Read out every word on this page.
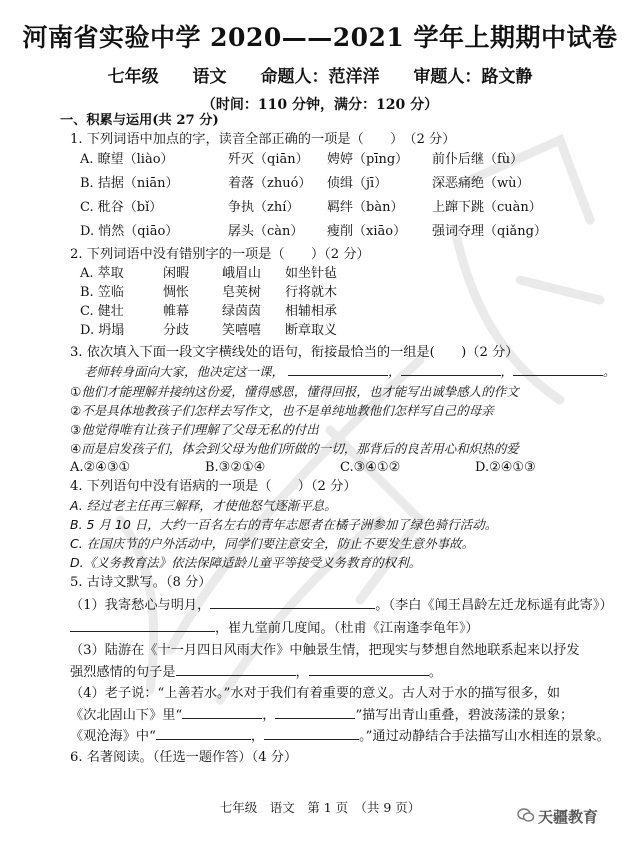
河南省实验中学 2020——2021 学年上期期中试卷
七年级 语文 命题人：范洋洋 审题人：路文静
（时间：110 分钟，满分：120 分）
一、积累与运用(共 27 分)
1. 下列词语中加点的字，读音全部正确的一项是（　　）　（2 分）
A. 瞭望（liào）	歼灭（qiān） 娉婷（pīng） 前仆后继（fù）
B. 拮据（niān）	着落（zhuó） 侦缉（jī）	深恶痛绝（wù）
C. 秕谷（bǐ）	争执（zhí） 羁绊（bàn） 上蹿下跳（cuàn）
D. 悄然（qiāo）	孱头（càn） 瘦削（xiāo） 强词夺理（qiǎng）
2. 下列词语中没有错别字的一项是（　　）（2 分）
A. 萃取	闲暇	峨眉山 如坐针毡
B. 笠临	惆怅	皂荚树 行将就木
C. 健壮	帷幕	绿茵茵 相辅相承
D. 坍塌	分歧	笑嘻嘻 断章取义
3. 依次填入下面一段文字横线处的语句，衔接最恰当的一组是(　　)（2 分）
老师转身面向大家，他决定这一课，	，	，	。
①他们才能理解并接纳这份爱，懂得感恩，懂得回报，也才能写出诚挚感人的作文
②不是具体地教孩子们怎样去写作文，也不是单纯地教他们怎样写自己的母亲
③他觉得唯有让孩子们理解了父母无私的付出
④而是启发孩子们，体会到父母为他们所做的一切，那背后的良苦用心和炽热的爱
A.②④③①	B.③②①④	C.③④①②	D.②④①③
4. 下列语句中没有语病的一项是（　　）（2 分）
A. 经过老主任再三解释，才使他怒气逐渐平息。
B. 5 月 10 日，大约一百名左右的青年志愿者在橘子洲参加了绿色骑行活动。
C. 在国庆节的户外活动中，同学们要注意安全，防止不要发生意外事故。
D.《义务教育法》依法保障适龄儿童平等接受义务教育的权利。
5. 古诗文默写。（8 分）
（1）我寄愁心与明月，	。（李白《闻王昌龄左迁龙标遥有此寄》）
，崔九堂前几度闻。（杜甫《江南逢李龟年》）
（3）陆游在《十一月四日风雨大作》中触景生情，把现实与梦想自然地联系起来以抒发
强烈感情的句子是	，	。
（4）老子说：“上善若水。”水对于我们有着重要的意义。古人对于水的描写很多，如
《次北固山下》里“	，	”描写出青山重叠，碧波荡漾的景象；
《观沧海》中“	，	。”通过动静结合手法描写山水相连的景象。
6. 名著阅读。（任选一题作答）（4 分）
七年级　语文　第 1 页　（共 9 页）
天疆教育
